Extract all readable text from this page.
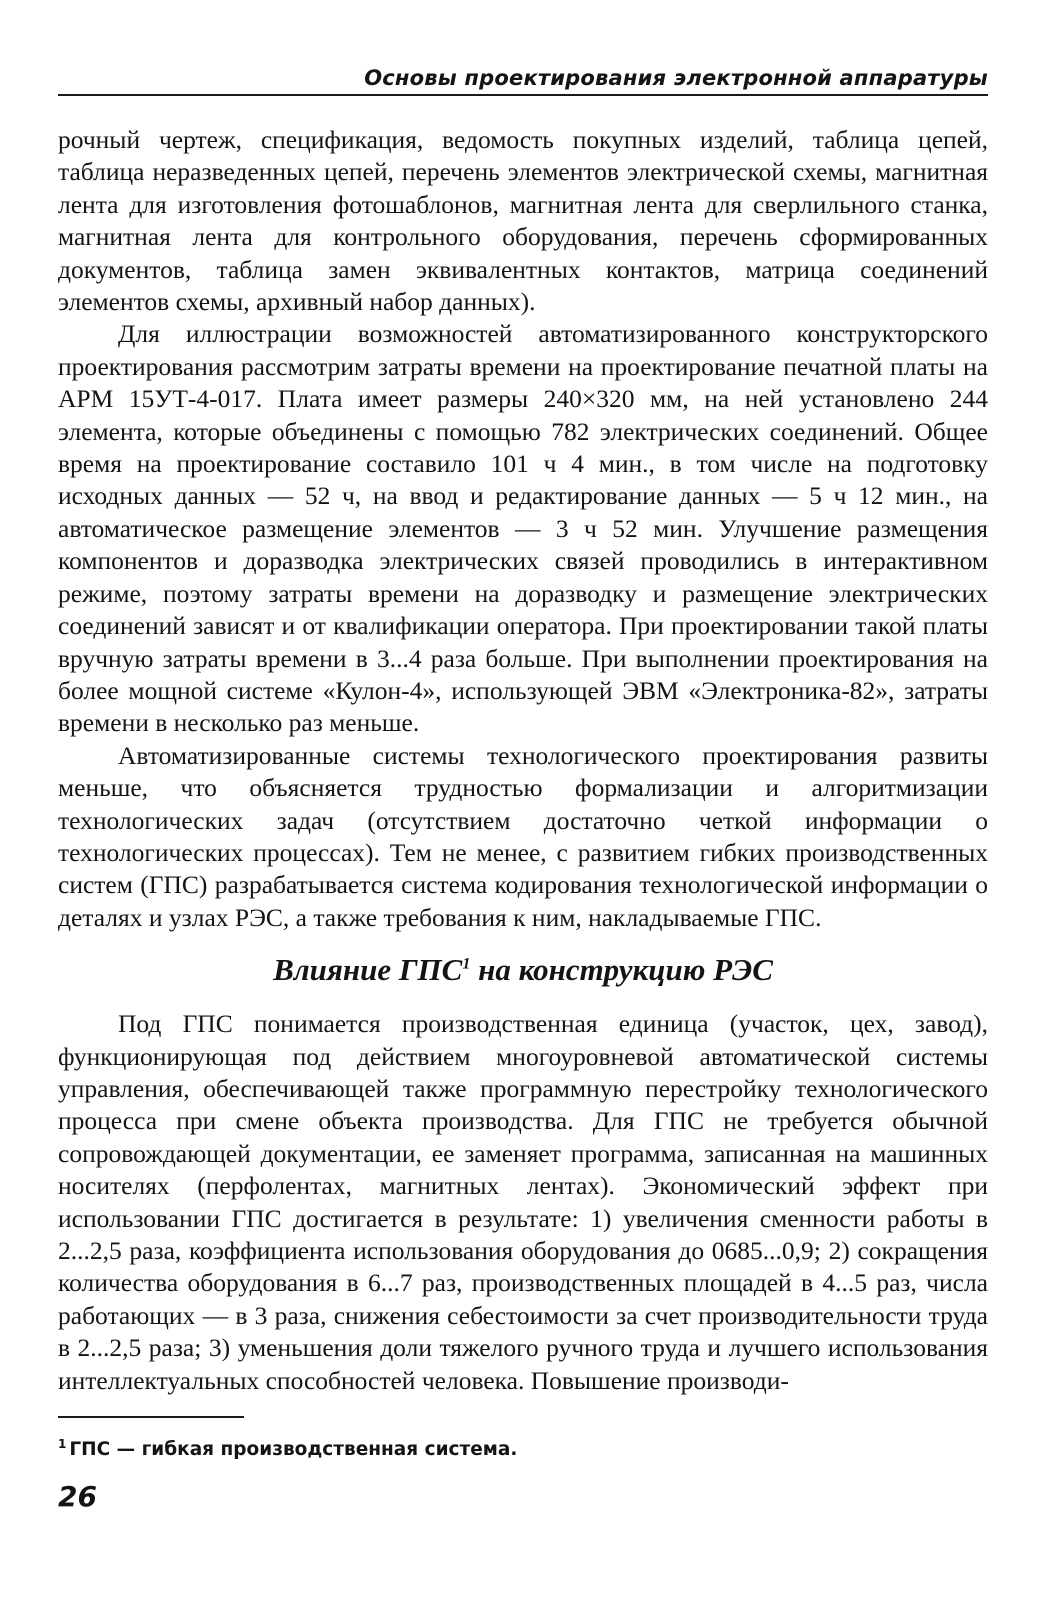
Основы проектирования электронной аппаратуры

рочный чертеж, спецификация, ведомость покупных изделий, таблица цепей, таблица неразведенных цепей, перечень элементов электрической схемы, магнитная лента для изготовления фотошаблонов, магнитная лента для сверлильного станка, магнитная лента для контрольного оборудования, перечень сформированных документов, таблица замен эквивалентных контактов, матрица соединений элементов схемы, архивный набор данных).

Для иллюстрации возможностей автоматизированного конструкторского проектирования рассмотрим затраты времени на проектирование печатной платы на АРМ 15УТ-4-017. Плата имеет размеры 240×320 мм, на ней установлено 244 элемента, которые объединены с помощью 782 электрических соединений. Общее время на проектирование составило 101 ч 4 мин., в том числе на подготовку исходных данных — 52 ч, на ввод и редактирование данных — 5 ч 12 мин., на автоматическое размещение элементов — 3 ч 52 мин. Улучшение размещения компонентов и доразводка электрических связей проводились в интерактивном режиме, поэтому затраты времени на доразводку и размещение электрических соединений зависят и от квалификации оператора. При проектировании такой платы вручную затраты времени в 3...4 раза больше. При выполнении проектирования на более мощной системе «Кулон-4», использующей ЭВМ «Электроника-82», затраты времени в несколько раз меньше.

Автоматизированные системы технологического проектирования развиты меньше, что объясняется трудностью формализации и алгоритмизации технологических задач (отсутствием достаточно четкой информации о технологических процессах). Тем не менее, с развитием гибких производственных систем (ГПС) разрабатывается система кодирования технологической информации о деталях и узлах РЭС, а также требования к ним, накладываемые ГПС.

Влияние ГПС$^1$ на конструкцию РЭС

Под ГПС понимается производственная единица (участок, цех, завод), функционирующая под действием многоуровневой автоматической системы управления, обеспечивающей также программную перестройку технологического процесса при смене объекта производства. Для ГПС не требуется обычной сопровождающей документации, ее заменяет программа, записанная на машинных носителях (перфолентах, магнитных лентах). Экономический эффект при использовании ГПС достигается в результате: 1) увеличения сменности работы в 2...2,5 раза, коэффициента использования оборудования до 0685...0,9; 2) сокращения количества оборудования в 6...7 раз, производственных площадей в 4...5 раз, числа работающих — в 3 раза, снижения себестоимости за счет производительности труда в 2...2,5 раза; 3) уменьшения доли тяжелого ручного труда и лучшего использования интеллектуальных способностей человека. Повышение производи-

$^1$ ГПС — гибкая производственная система.
26
